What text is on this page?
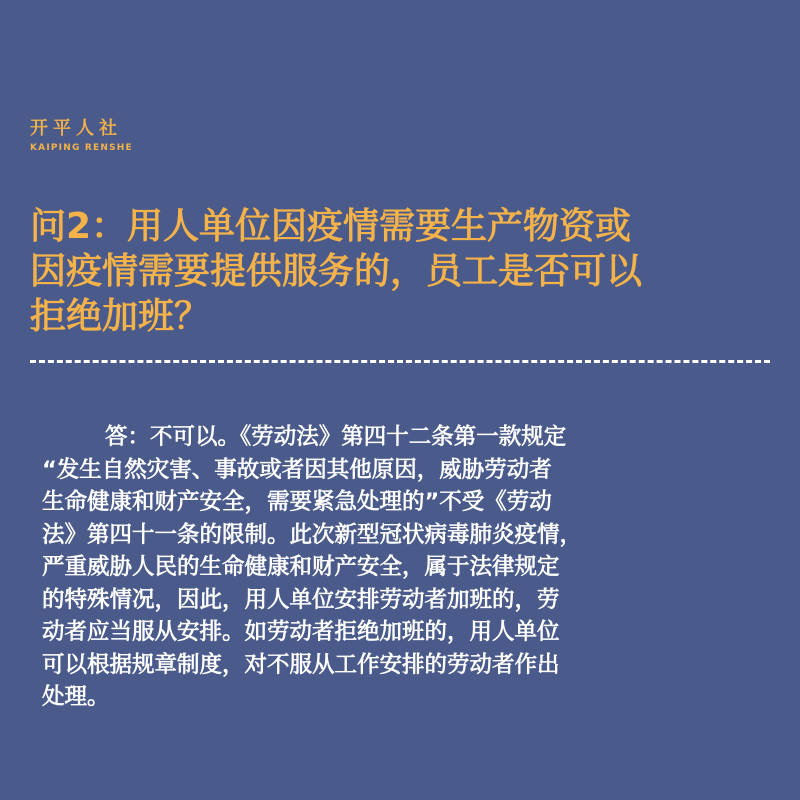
开平人社
KAIPING RENSHE
问2：用人单位因疫情需要生产物资或
因疫情需要提供服务的，员工是否可以
拒绝加班？

答：不可以。《劳动法》第四十二条第一款规定
“发生自然灾害、事故或者因其他原因，威胁劳动者
生命健康和财产安全，需要紧急处理的”不受《劳动
法》第四十一条的限制。此次新型冠状病毒肺炎疫情，
严重威胁人民的生命健康和财产安全，属于法律规定
的特殊情况，因此，用人单位安排劳动者加班的，劳
动者应当服从安排。如劳动者拒绝加班的，用人单位
可以根据规章制度，对不服从工作安排的劳动者作出
处理。
